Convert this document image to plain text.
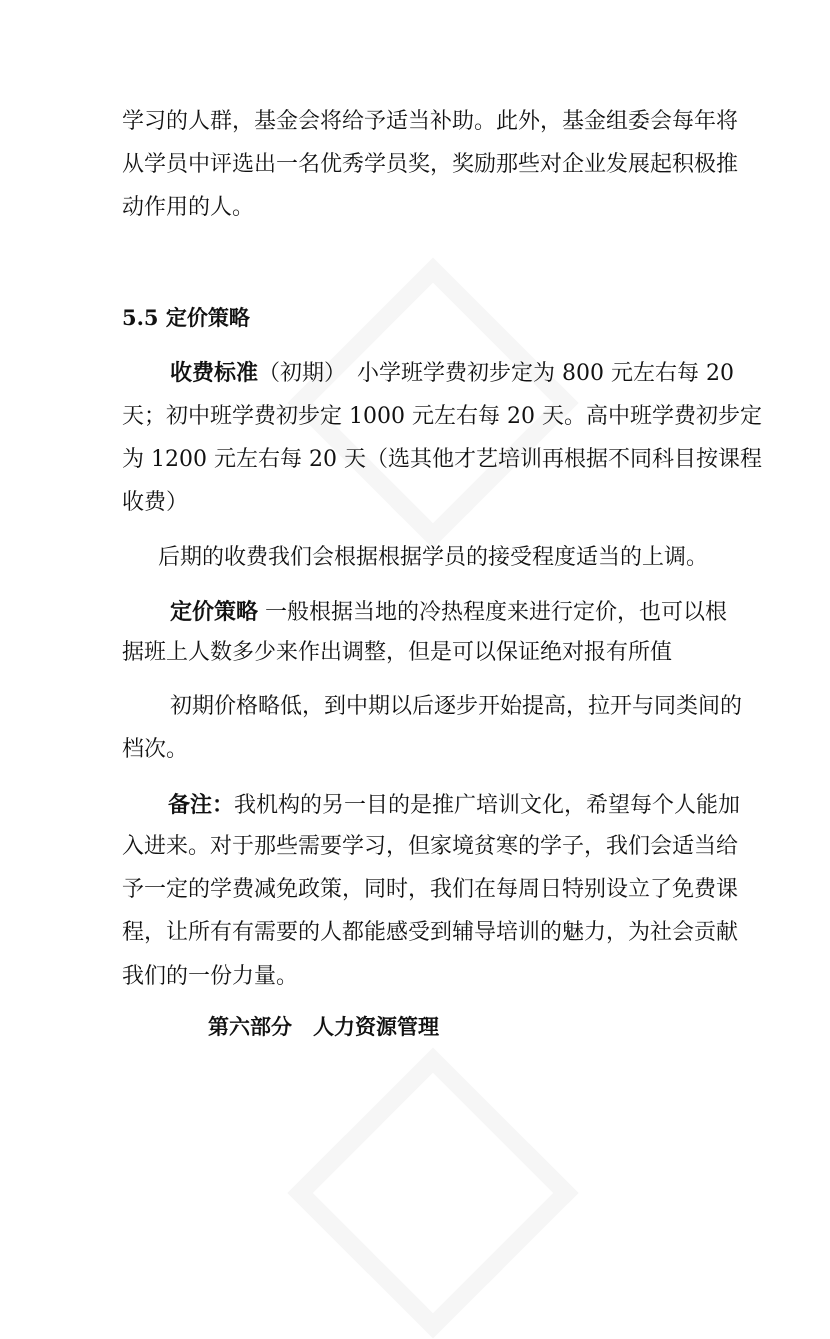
学习的人群，基金会将给予适当补助。此外，基金组委会每年将
从学员中评选出一名优秀学员奖，奖励那些对企业发展起积极推
动作用的人。
5.5 定价策略
收费标准（初期）　小学班学费初步定为 800 元左右每 20
天；初中班学费初步定 1000 元左右每 20 天。高中班学费初步定
为 1200 元左右每 20 天（选其他才艺培训再根据不同科目按课程
收费）
后期的收费我们会根据根据学员的接受程度适当的上调。
定价策略 一般根据当地的冷热程度来进行定价，也可以根
据班上人数多少来作出调整，但是可以保证绝对报有所值
初期价格略低，到中期以后逐步开始提高，拉开与同类间的
档次。
备注：我机构的另一目的是推广培训文化，希望每个人能加
入进来。对于那些需要学习，但家境贫寒的学子，我们会适当给
予一定的学费减免政策，同时，我们在每周日特别设立了免费课
程，让所有有需要的人都能感受到辅导培训的魅力，为社会贡献
我们的一份力量。
第六部分　人力资源管理
